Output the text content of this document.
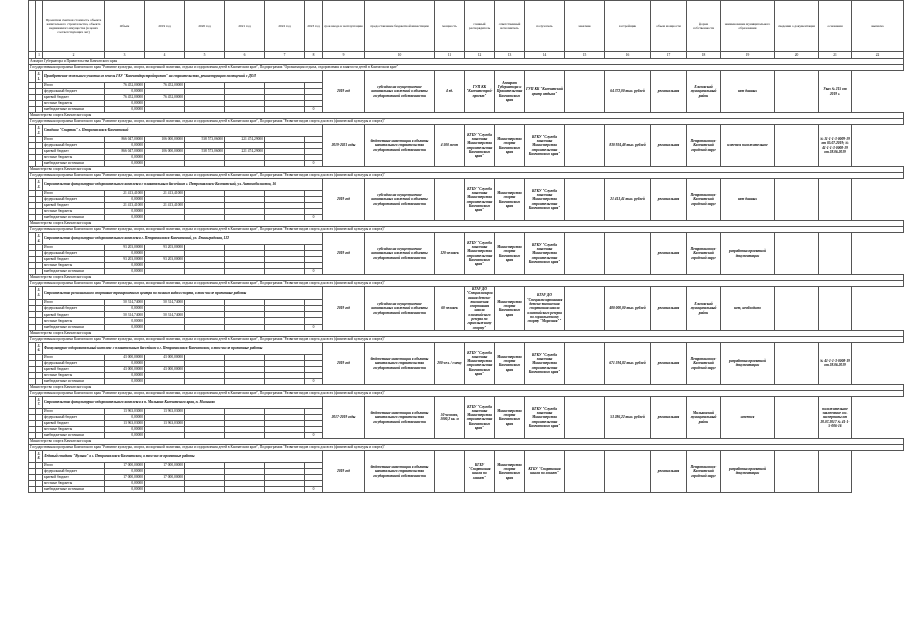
		Проектная сметная стоимость объекта капитального строительства, объекта недвижимого имущества (в ценах соответствующих лет)	Объем	2019 год	2020 год	2021 год	2022 год	2023 год	срок ввода в эксплуатацию	предоставление бюджетной инвестиции	мощность	главный распорядитель	ответственный исполнитель	получатель	заказчик	застройщик	объем мощности	форма собственности	наименование муниципального образования	сведения о документации	основания	выписка
	1	2	3	4	5	6	7	8	9	10	11	12	13	14	15	16	17	18	19	20	21	22
Аппарат Губернатора и Правительства Камчатского края																						
Государственная программа Камчатского края "Развитие культуры, спорта, молодежной политики, отдыха и оздоровления детей в Камчатском крае", Подпрограмма "Организация отдыха, оздоровления и занятости детей в Камчатском крае"																						
	5.1.	Приобретение земельного участка из земель ГАУ "Камчатдорстройпроект" на строительство, реконструкцию помещений с ДОЛ							2019 год	субсидии на осуществление капитальных вложений в объекты государственной собственности	4 ед.	ГУП КК "Камчатстрой-проект"	Аппарат Губернатора и Правительства Камчатского края	ГУП КК "Камчатский центр отдыха"		64 372,00 тыс. рублей	региональная	Елизовский муниципальный район	нет данных		Указ № 215 от 2019 г.	
		Итого	76 452,00000	76 452,00000																		
		федеральный бюджет	0,00000																			
		краевой бюджет	76 452,00000	76 452,00000																		
		местные бюджеты	0,00000																			
		внебюджетные источники	0,00000					0														
Министерство спорта Камчатского края																						
Государственная программа Камчатского края "Развитие культуры, спорта, молодежной политики, отдыха и оздоровления детей в Камчатском крае", Подпрограмма "Развитие видов спорта для всех (физической культуры и спорта)"																						
	5.2.	Стадион "Спартак" г. Петропавловск-Камчатский							2019-2021 годы	бюджетные инвестиции в объекты капитального строительства государственной собственности	4 500 мест	КГБУ "Служба заказчика Министерства строительства Камчатского края"	Министерство спорта Камчатского края	КГКУ "Служба заказчика Министерства строительства Камчатского края"		830 924,48 тыс. рублей	региональная	Петропавловск-Камчатский городской округ	имеется положительное		№ 11-1-1-3-0009-19 от 05.07.2019; № 41-1-1-3-0008-19 от 28.06.2019	
		Итого	866 047,00000	106 000,00000	538 573,06000	221 474,29000																
		федеральный бюджет	0,00000																			
		краевой бюджет	866 047,00000	106 000,00000	538 573,06000	221 474,29000																
		местные бюджеты	0,00000																			
		внебюджетные источники	0,00000					0														
Министерство спорта Камчатского края																						
Государственная программа Камчатского края "Развитие культуры, спорта, молодежной политики, отдыха и оздоровления детей в Камчатском крае", Подпрограмма "Развитие видов спорта для всех (физической культуры и спорта)"																						
	5.3.	Строительство физкультурно-оздоровительного комплекса с плавательным бассейном г. Петропавловск-Камчатский, ул. Автомобилистов, 16							2019 год	субсидии на осуществление капитальных вложений в объекты государственной собственности		КГБУ "Служба заказчика Министерства строительства Камчатского края"	Министерство спорта Камчатского края	КГКУ "Служба заказчика Министерства строительства Камчатского края"		21 413,41 тыс. рублей	региональная	Петропавловск-Камчатский городской округ	нет данных			
		Итого	21 413,41000	21 413,41000																		
		федеральный бюджет	0,00000																			
		краевой бюджет	21 413,41000	21 413,41000																		
		местные бюджеты	0,00000																			
		внебюджетные источники	0,00000					0														
Министерство спорта Камчатского края																						
Государственная программа Камчатского края "Развитие культуры, спорта, молодежной политики, отдыха и оздоровления детей в Камчатском крае", Подпрограмма "Развитие видов спорта для всех (физической культуры и спорта)"																						
	5.4.	Строительство физкультурно-оздоровительного комплекса г. Петропавловск-Камчатский, ул. Ленинградская, 122							2019 год	субсидии на осуществление капитальных вложений в объекты государственной собственности	120 человек	КГБУ "Служба заказчика Министерства строительства Камчатского края"	Министерство спорта Камчатского края	КГКУ "Служба заказчика Министерства строительства Камчатского края"			региональная	Петропавловск-Камчатский городской округ	разработка проектной документации			
		Итого	93 203,00000	93 203,00000																		
		федеральный бюджет	0,00000																			
		краевой бюджет	93 203,00000	93 203,00000																		
		местные бюджеты	0,00000																			
		внебюджетные источники	0,00000					0														
Министерство спорта Камчатского края																						
Государственная программа Камчатского края "Развитие культуры, спорта, молодежной политики, отдыха и оздоровления детей в Камчатском крае", Подпрограмма "Развитие видов спорта для всех (физической культуры и спорта)"																						
	5.5.	Строительство регионального спортивно-тренировочного центра по зимним видам спорта, в том числе проектные работы							2019 год	субсидии на осуществление капитальных вложений в объекты государственной собственности	60 человек	КГАУ ДО "Специализированная детско-юношеская спортивная школа олимпийского резерва по горнолыжному спорту"	Министерство спорта Камчатского края	КГАУ ДО "Специализированная детско-юношеская спортивная школа олимпийского резерва по горнолыжному спорту "Морозная""		480 000,00 тыс. рублей	региональная	Елизовский муниципальный район	нет, необходимо			
		Итого	50 314,74000	50 314,74000																		
		федеральный бюджет	0,00000																			
		краевой бюджет	50 314,74000	50 314,74000																		
		местные бюджеты	0,00000																			
		внебюджетные источники	0,00000					0														
Министерство спорта Камчатского края																						
Государственная программа Камчатского края "Развитие культуры, спорта, молодежной политики, отдыха и оздоровления детей в Камчатском крае", Подпрограмма "Развитие видов спорта для всех (физической культуры и спорта)"																						
	5.6.	Физкультурно-оздоровительный комплекс с плавательным бассейном в г. Петропавловск-Камчатском, в том числе проектные работы							2019 год	бюджетные инвестиции в объекты капитального строительства государственной собственности	200 чел. / смену	КГБУ "Служба заказчика Министерства строительства Камчатского края"	Министерство спорта Камчатского края	КГКУ "Служба заказчика Министерства строительства Камчатского края"		671 594,82 тыс. рублей	региональная	Петропавловск-Камчатский городской округ	разработка проектной документации		№ 41-1-1-3-0008-19 от 28.06.2019	
		Итого	43 000,00000	43 000,00000																		
		федеральный бюджет	0,00000																			
		краевой бюджет	43 000,00000	43 000,00000																		
		местные бюджеты	0,00000																			
		внебюджетные источники	0,00000					0														
Министерство спорта Камчатского края																						
Государственная программа Камчатского края "Развитие культуры, спорта, молодежной политики, отдыха и оздоровления детей в Камчатском крае", Подпрограмма "Развитие видов спорта для всех (физической культуры и спорта)"																						
	5.7.	Строительство физкультурно-оздоровительного комплекса в п. Мильково Камчатского края, п. Мильково							2017-2019 годы	бюджетные инвестиции в объекты капитального строительства государственной собственности	50 человек, 1000,2 кв. м	КГБУ "Служба заказчика Министерства строительства Камчатского края"	Министерство спорта Камчатского края	КГКУ "Служба заказчика Министерства строительства Камчатского края"		53 286,22 тыс. рублей	региональная	Мильковский муниципальный район	имеется		положительное заключение гос. экспертизы от 20.07.2017 № 41-1-5-006-16	
		Итого	13 963,03000	13 963,03000																		
		федеральный бюджет	0,00000																			
		краевой бюджет	13 963,03000	13 963,03000																		
		местные бюджеты	0,00000																			
		внебюджетные источники	0,00000					0														
Министерство спорта Камчатского края																						
Государственная программа Камчатского края "Развитие культуры, спорта, молодежной политики, отдыха и оздоровления детей в Камчатском крае", Подпрограмма "Развитие видов спорта для всех (физической культуры и спорта)"																						
	5.8.	Ледовый стадион "Вулкан" в г. Петропавловск-Камчатском, в том числе проектные работы							2019 год	бюджетные инвестиции в объекты капитального строительства государственной собственности		КГБУ "Спортивная школа по хоккею"	Министерство спорта Камчатского края	КГБУ "Спортивная школа по хоккею"			региональная	Петропавловск-Камчатский городской округ	разработка проектной документации			
		Итого	17 000,00000	17 000,00000																		
		федеральный бюджет	0,00000																			
		краевой бюджет	17 000,00000	17 000,00000																		
		местные бюджеты	0,00000																			
		внебюджетные источники	0,00000					0														
